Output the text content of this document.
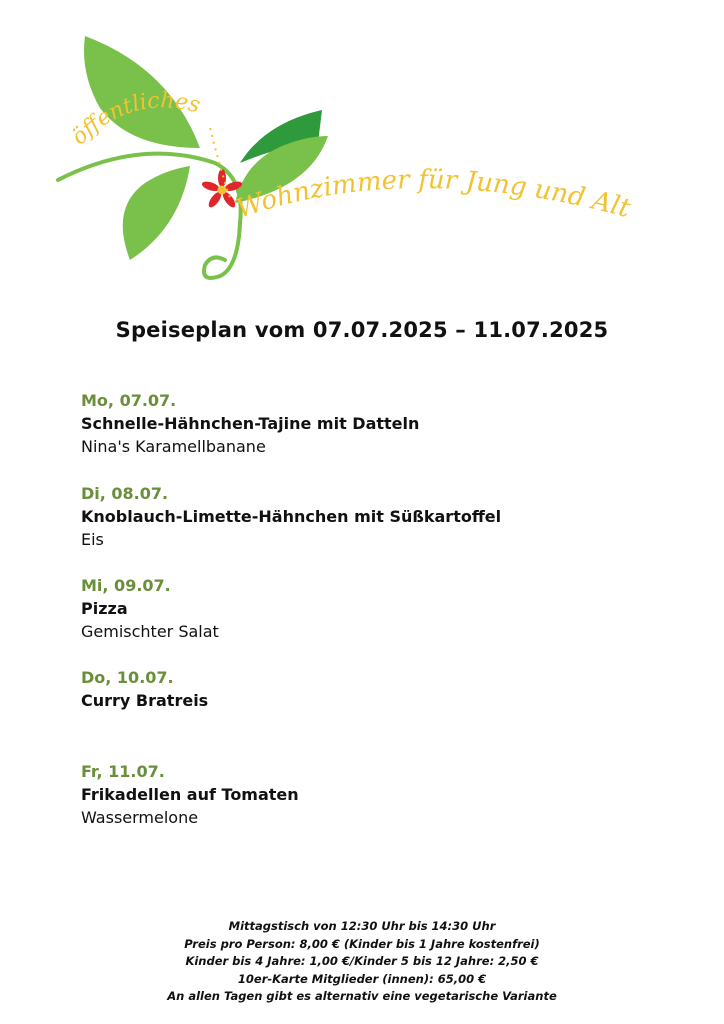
öffentliches
Wohnzimmer für Jung und Alt
Speiseplan vom 07.07.2025 – 11.07.2025
Mo, 07.07.
Schnelle-Hähnchen-Tajine mit Datteln
Nina's Karamellbanane
Di, 08.07.
Knoblauch-Limette-Hähnchen mit Süßkartoffel
Eis
Mi, 09.07.
Pizza
Gemischter Salat
Do, 10.07.
Curry Bratreis
Fr, 11.07.
Frikadellen auf Tomaten
Wassermelone
Mittagstisch von 12:30 Uhr bis 14:30 Uhr
Preis pro Person: 8,00 € (Kinder bis 1 Jahre kostenfrei)
Kinder bis 4 Jahre: 1,00 €/Kinder 5 bis 12 Jahre: 2,50 €
10er-Karte Mitglieder (innen): 65,00 €
An allen Tagen gibt es alternativ eine vegetarische Variante
